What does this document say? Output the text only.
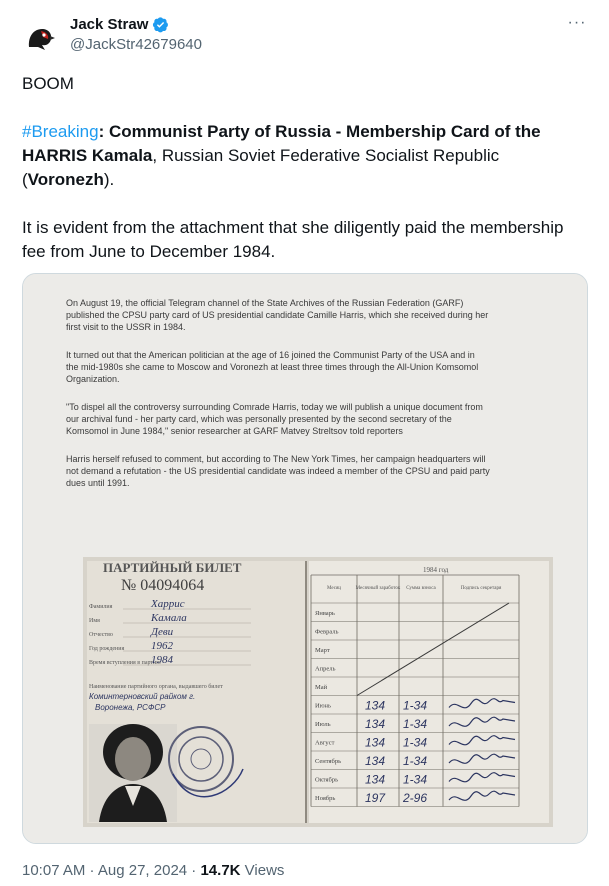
Jack Straw
@JackStr42679640
···
BOOM
#Breaking: Communist Party of Russia - Membership Card of the HARRIS Kamala, Russian Soviet Federative Socialist Republic (Voronezh).
It is evident from the attachment that she diligently paid the membership fee from June to December 1984.
On August 19, the official Telegram channel of the State Archives of the Russian Federation (GARF)
published the CPSU party card of US presidential candidate Camille Harris, which she received during her
first visit to the USSR in 1984.
It turned out that the American politician at the age of 16 joined the Communist Party of the USA and in
the mid-1980s she came to Moscow and Voronezh at least three times through the All-Union Komsomol
Organization.
"To dispel all the controversy surrounding Comrade Harris, today we will publish a unique document from
our archival fund - her party card, which was personally presented by the second secretary of the
Komsomol in June 1984," senior researcher at GARF Matvey Streltsov told reporters
Harris herself refused to comment, but according to The New York Times, her campaign headquarters will
not demand a refutation - the US presidential candidate was indeed a member of the CPSU and paid party
dues until 1991.
ПАРТИЙНЫЙ БИЛЕТ
№ 04094064
Фамилия	Харрис
Имя	Камала
Отчество	Деви
Год рождения 1962
Время вступления в партию
1984
Наименование партийного органа, выдавшего билет
Коминтерновский райком г.
Воронежа, РСФСР
1984 год
Месяц	Месячный заработок Сумма взноса	Подпись секретаря
Январь
Февраль
Март
Апрель
Май
Июнь	134 1-34
Июль	134 1-34
Август	134 1-34
Сентябрь 134 1-34
Октябрь 134 1-34
Ноябрь 197 2-96
10:07 AM · Aug 27, 2024 · 14.7K Views
